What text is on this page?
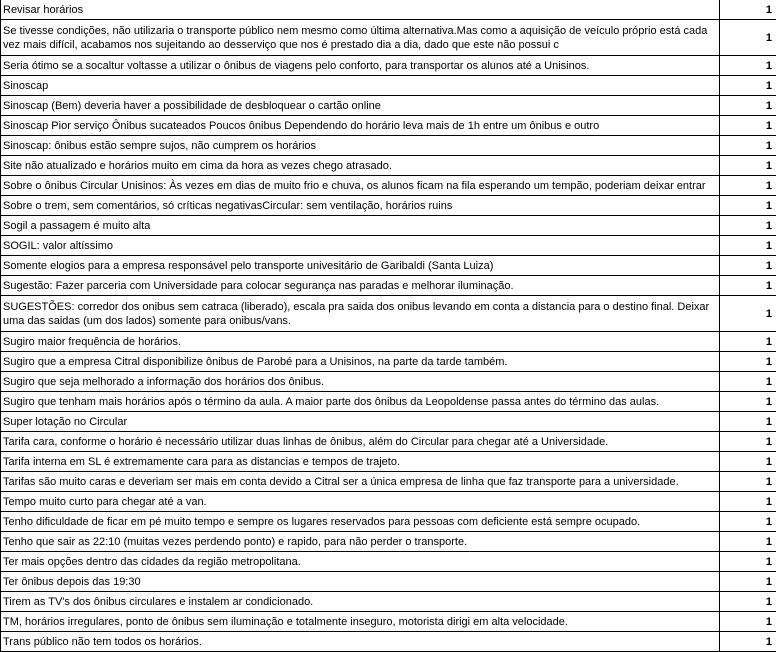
Revisar horários	1
Se tivesse condições, não utilizaria o transporte público nem mesmo como última alternativa.Mas como a aquisição de veículo próprio está cada vez mais difícil, acabamos nos sujeitando ao desserviço que nos é prestado dia a dia, dado que este não possui c	1
Seria ótimo se a socaltur voltasse a utilizar o ônibus de viagens pelo conforto, para transportar os alunos até a Unisinos.	1
Sinoscap	1
Sinoscap (Bem) deveria haver a possibilidade de desbloquear o cartão online	1
Sinoscap Pior serviço Ônibus sucateados Poucos ônibus Dependendo do horário leva mais de 1h entre um ônibus e outro	1
Sinoscap: ônibus estão sempre sujos, não cumprem os horários	1
Site não atualizado e horários muito em cima da hora as vezes chego atrasado.	1
Sobre o ônibus Circular Unisinos: Às vezes em dias de muito frio e chuva, os alunos ficam na fila esperando um tempão, poderiam deixar entrar	1
Sobre o trem, sem comentários, só críticas negativasCircular: sem ventilação, horários ruins	1
Sogil a passagem é muito alta	1
SOGIL: valor altíssimo	1
Somente elogios para a empresa responsável pelo transporte univesitário de Garibaldi (Santa Luiza)	1
Sugestão: Fazer parceria com Universidade para colocar segurança nas paradas e melhorar iluminação.	1
SUGESTÕES: corredor dos onibus sem catraca (liberado), escala pra saida dos onibus levando em conta a distancia para o destino final. Deixar uma das saidas (um dos lados) somente para onibus/vans.	1
Sugiro maior frequência de horários.	1
Sugiro que a empresa Citral disponibilize ônibus de Parobé para a Unisinos, na parte da tarde também.	1
Sugiro que seja melhorado a informação dos horários dos ônibus.	1
Sugiro que tenham mais horários após o término da aula. A maior parte dos ônibus da Leopoldense passa antes do término das aulas.	1
Super lotação no Circular	1
Tarifa cara, conforme o horário é necessário utilizar duas linhas de ônibus, além do Circular para chegar até a Universidade.	1
Tarifa interna em SL é extremamente cara para as distancias e tempos de trajeto.	1
Tarifas são muito caras e deveriam ser mais em conta devido a Citral ser a única empresa de linha que faz transporte para a universidade.	1
Tempo muito curto para chegar até a van.	1
Tenho dificuldade de ficar em pé muito tempo e sempre os lugares reservados para pessoas com deficiente está sempre ocupado.	1
Tenho que sair as 22:10 (muitas vezes perdendo ponto) e rapido, para não perder o transporte.	1
Ter mais opções dentro das cidades da região metropolitana.	1
Ter ônibus depois das 19:30	1
Tirem as TV's dos ônibus circulares e instalem ar condicionado.	1
TM, horários irregulares, ponto de ônibus sem iluminação e totalmente inseguro, motorista dirigi em alta velocidade.	1
Trans público não tem todos os horários.	1
